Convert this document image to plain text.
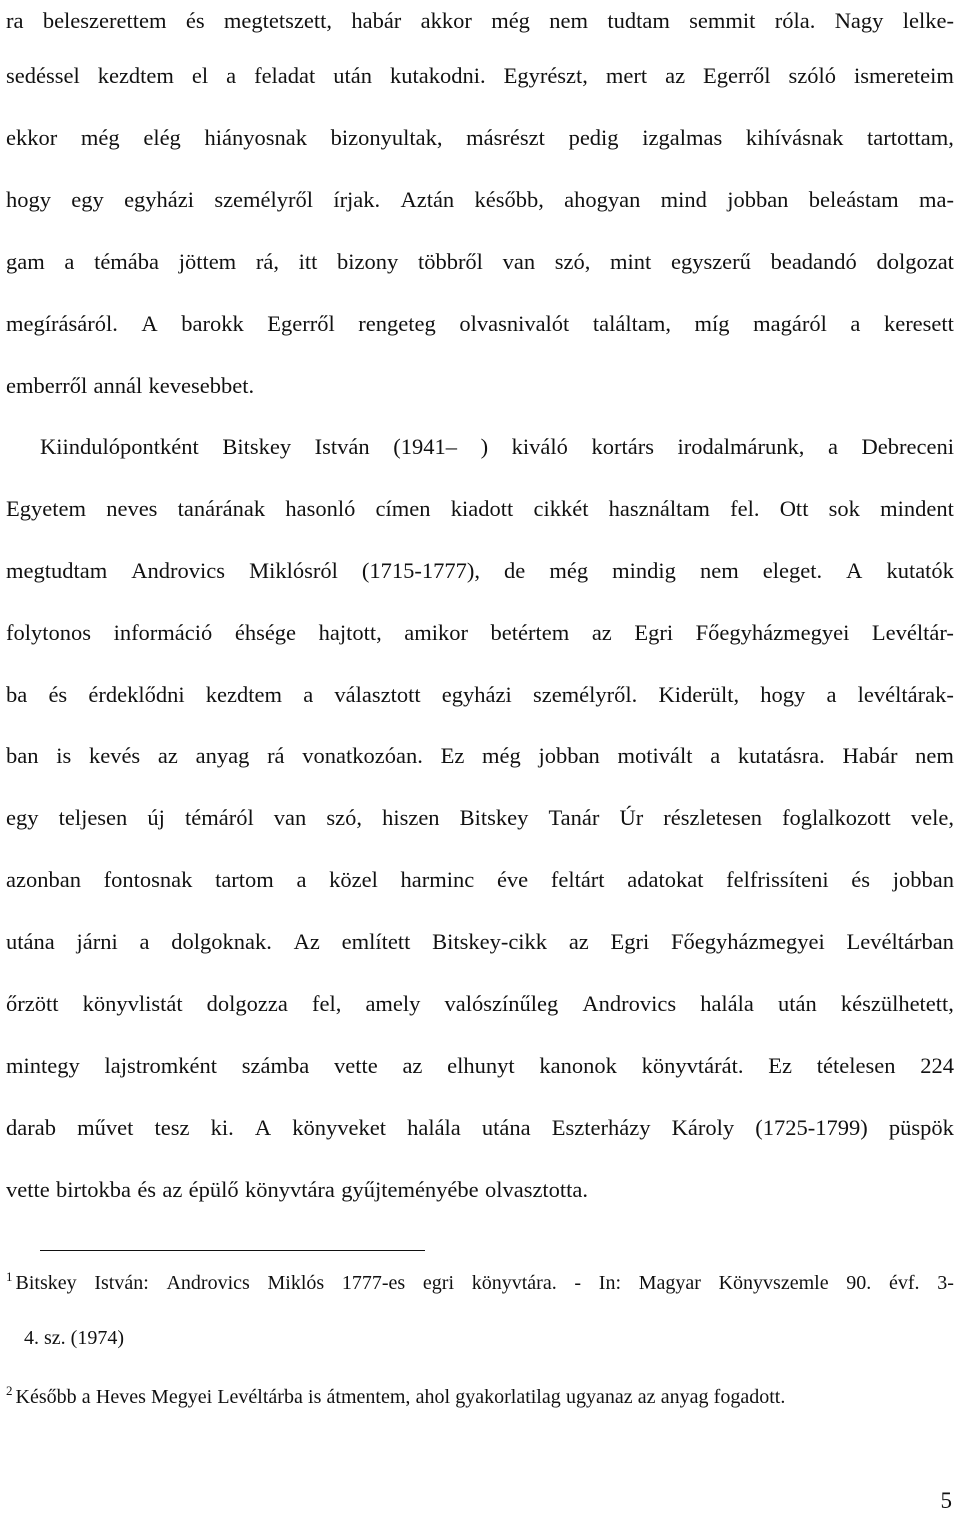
ra beleszerettem és megtetszett, habár akkor még nem tudtam semmit róla. Nagy lelke-
sedéssel kezdtem el a feladat után kutakodni. Egyrészt, mert az Egerről szóló ismereteim
ekkor még elég hiányosnak bizonyultak, másrészt pedig izgalmas kihívásnak tartottam,
hogy egy egyházi személyről írjak. Aztán később, ahogyan mind jobban beleástam ma-
gam a témába jöttem rá, itt bizony többről van szó, mint egyszerű beadandó dolgozat
megírásáról. A barokk Egerről rengeteg olvasnivalót találtam, míg magáról a keresett
emberről annál kevesebbet.
Kiindulópontként Bitskey István (1941– ) kiváló kortárs irodalmárunk, a Debreceni
Egyetem neves tanárának hasonló címen kiadott cikkét használtam fel. Ott sok mindent
megtudtam Androvics Miklósról (1715-1777), de még mindig nem eleget. A kutatók
folytonos információ éhsége hajtott, amikor betértem az Egri Főegyházmegyei Levéltár-
ba és érdeklődni kezdtem a választott egyházi személyről. Kiderült, hogy a levéltárak-
ban is kevés az anyag rá vonatkozóan. Ez még jobban motivált a kutatásra. Habár nem
egy teljesen új témáról van szó, hiszen Bitskey Tanár Úr részletesen foglalkozott vele,
azonban fontosnak tartom a közel harminc éve feltárt adatokat felfrissíteni és jobban
utána járni a dolgoknak. Az említett Bitskey-cikk az Egri Főegyházmegyei Levéltárban
őrzött könyvlistát dolgozza fel, amely valószínűleg Androvics halála után készülhetett,
mintegy lajstromként számba vette az elhunyt kanonok könyvtárát. Ez tételesen 224
darab művet tesz ki. A könyveket halála utána Eszterházy Károly (1725-1799) püspök
vette birtokba és az épülő könyvtára gyűjteményébe olvasztotta.
$^1$ Bitskey István: Androvics Miklós 1777-es egri könyvtára. - In: Magyar Könyvszemle 90. évf. 3-
4. sz. (1974)
$^2$ Később a Heves Megyei Levéltárba is átmentem, ahol gyakorlatilag ugyanaz az anyag fogadott.
5
